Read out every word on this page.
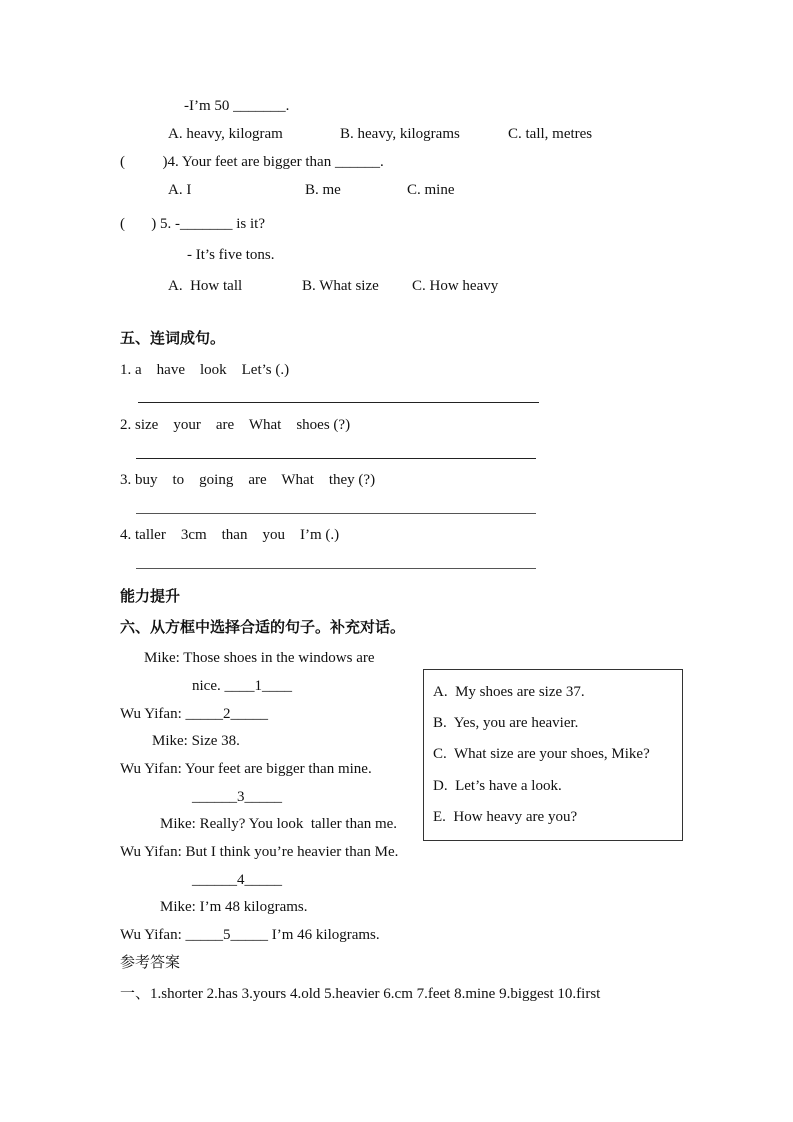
-I’m 50 _______.
A. heavy, kilogram	B. heavy, kilograms	C. tall, metres
(          )4. Your feet are bigger than ______.
A. I	B. me	C. mine
(       ) 5. -_______ is it?
- It’s five tons.
A.  How tall	B. What size C. How heavy
五、连词成句。
1. a    have    look    Let’s (.)
2. size    your    are    What    shoes (?)
3. buy    to    going    are    What    they (?)
4. taller    3cm    than    you    I’m (.)
能力提升
六、从方框中选择合适的句子。补充对话。
Mike: Those shoes in the windows are
nice. ____1____
Wu Yifan: _____2_____
Mike: Size 38.
Wu Yifan: Your feet are bigger than mine.
______3_____
Mike: Really? You look  taller than me.
Wu Yifan: But I think you’re heavier than Me.
______4_____
Mike: I’m 48 kilograms.
Wu Yifan: _____5_____ I’m 46 kilograms.
A.  My shoes are size 37.
B.  Yes, you are heavier.
C.  What size are your shoes, Mike?
D.  Let’s have a look.
E.  How heavy are you?
参考答案
一、1.shorter 2.has 3.yours 4.old 5.heavier 6.cm 7.feet 8.mine 9.biggest 10.first
